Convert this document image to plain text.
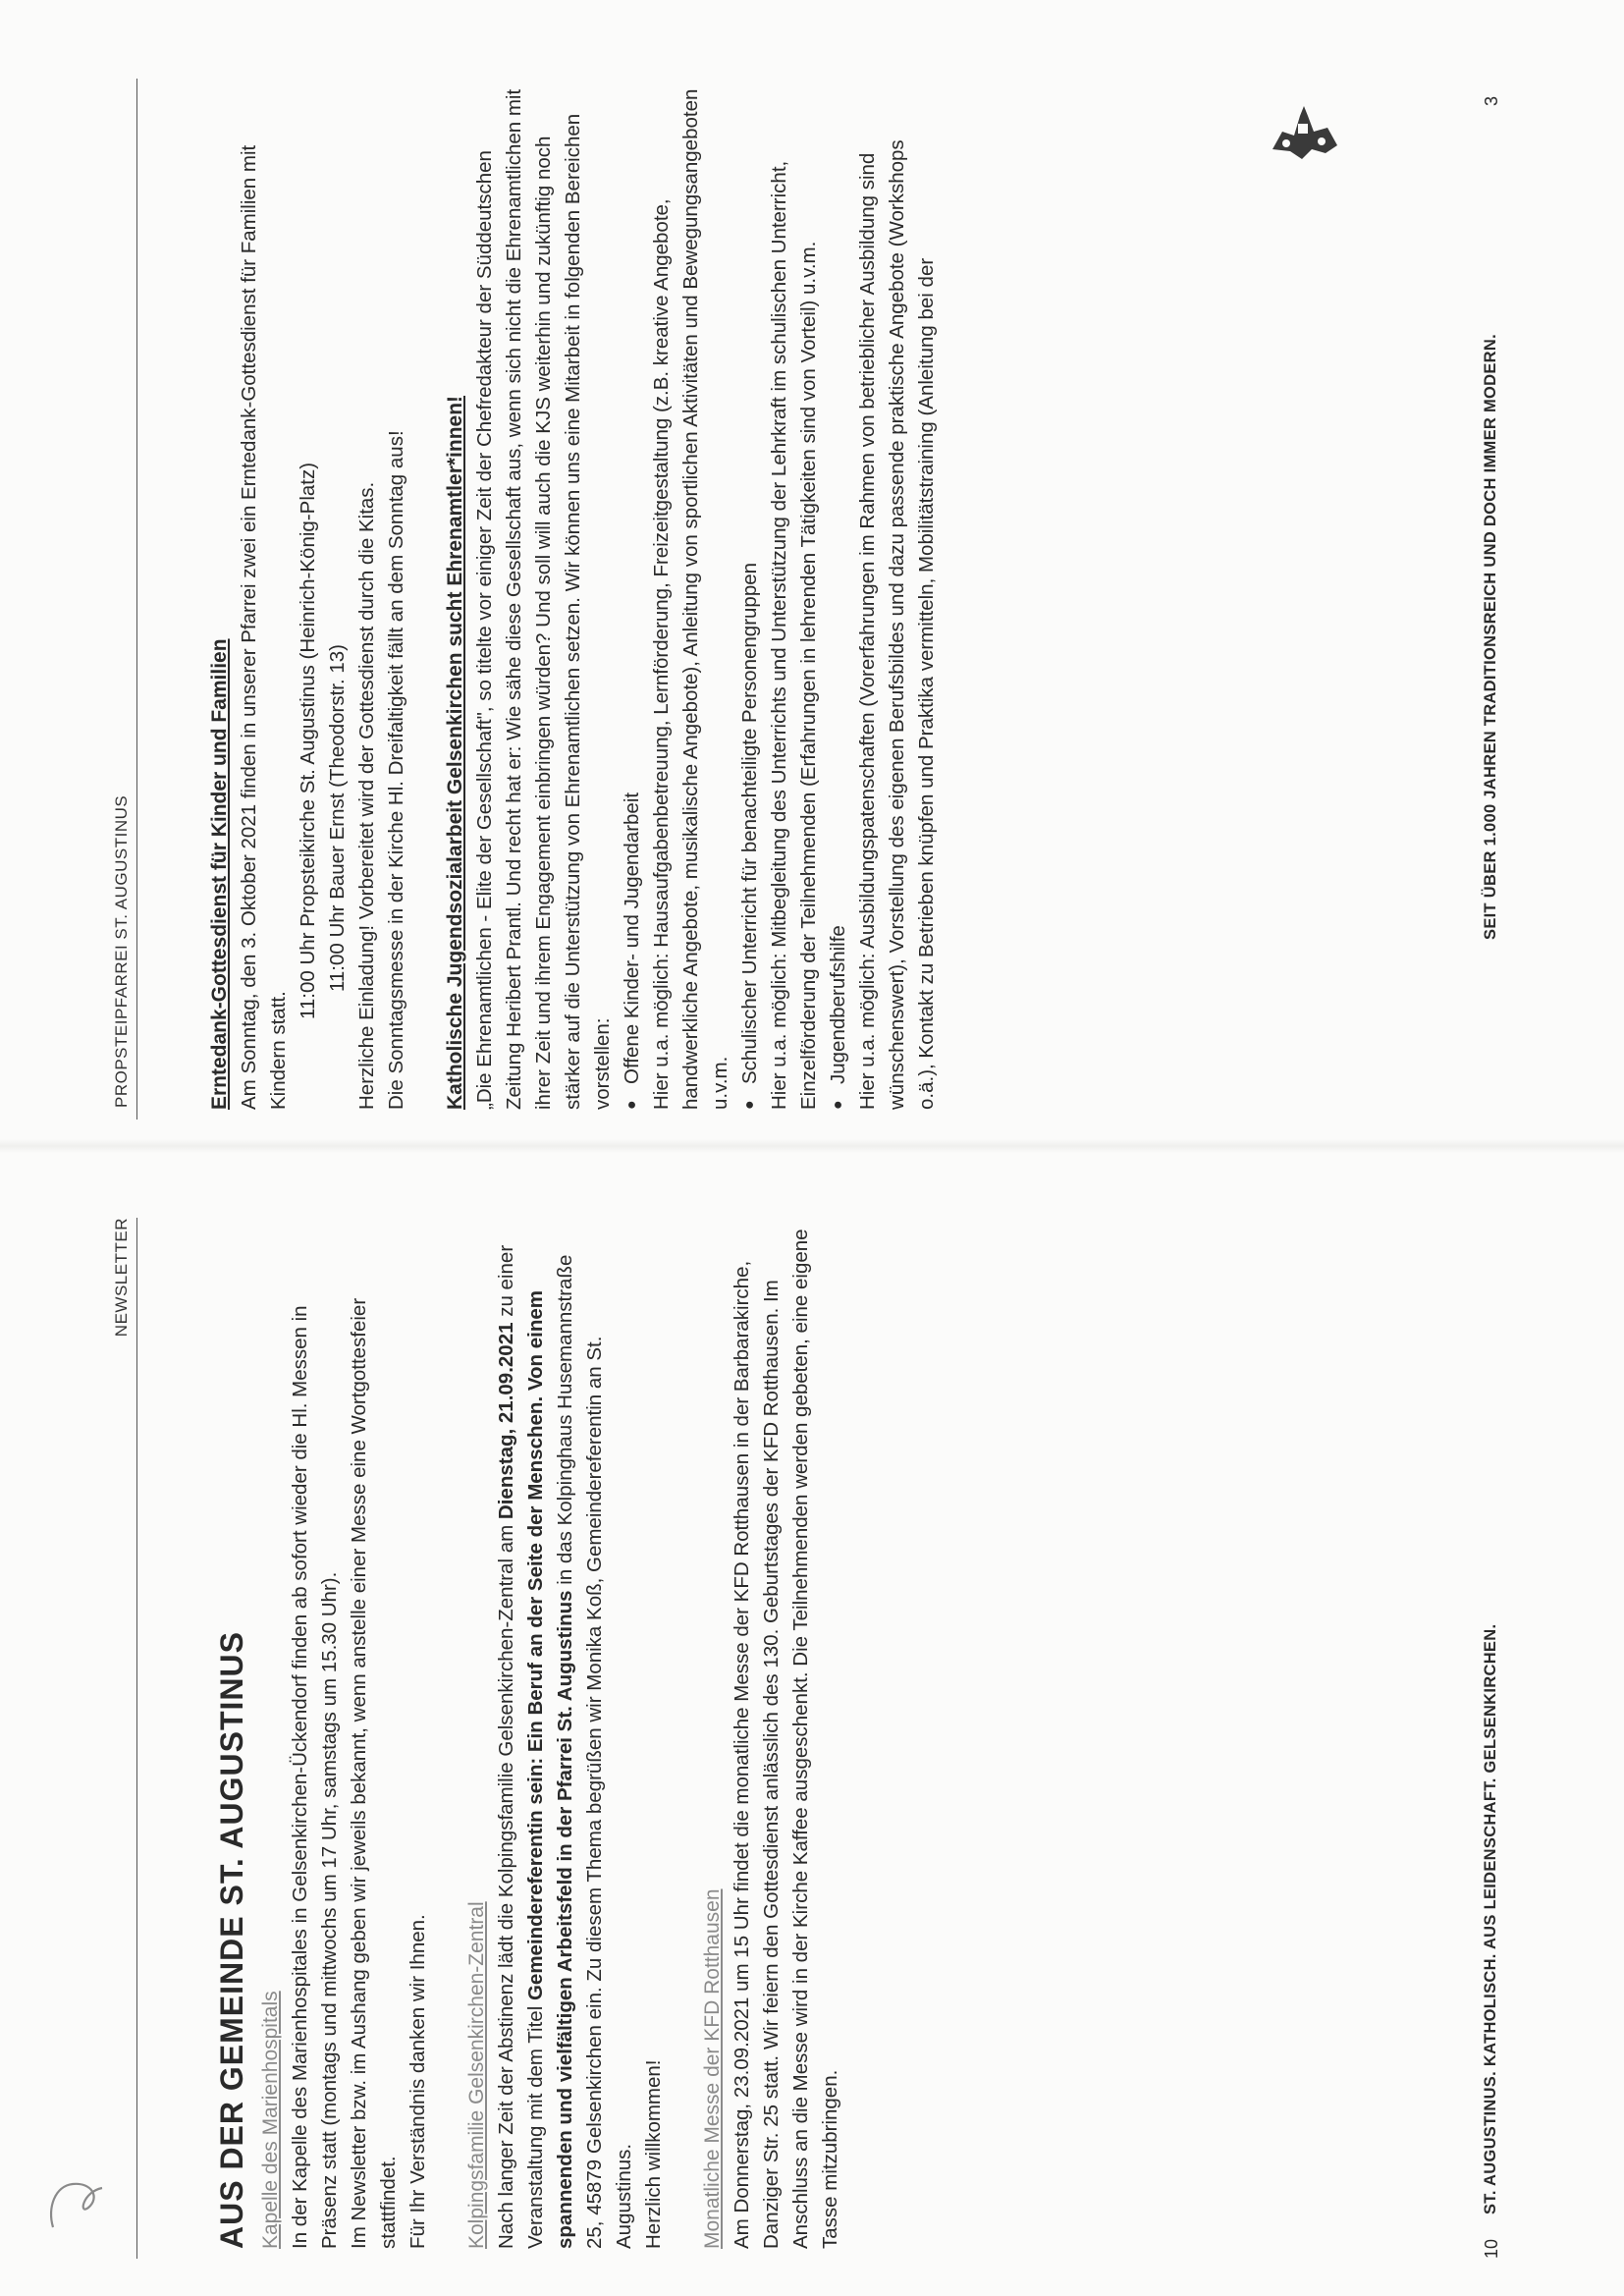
NEWSLETTER
AUS DER GEMEINDE ST. AUGUSTINUS Kapelle des Marienhospitals In der Kapelle des Marienhospitales in Gelsenkirchen-Ückendorf finden ab sofort wieder die Hl. Messen in Präsenz statt (montags und mittwochs um 17 Uhr, samstags um 15.30 Uhr). Im Newsletter bzw. im Aushang geben wir jeweils bekannt, wenn anstelle einer Messe eine Wortgottesfeier stattfindet. Für Ihr Verständnis danken wir Ihnen. Kolpingsfamilie Gelsenkirchen-Zentral Nach langer Zeit der Abstinenz lädt die Kolpingsfamilie Gelsenkirchen-Zentral am Dienstag, 21.09.2021 zu einer Veranstaltung mit dem Titel Gemeindereferentin sein: Ein Beruf an der Seite der Menschen. Von einem spannenden und vielfältigen Arbeitsfeld in der Pfarrei St. Augustinus in das Kolpinghaus Husemannstraße 25, 45879 Gelsenkirchen ein. Zu diesem Thema begrüßen wir Monika Koß, Gemeindereferentin an St. Augustinus. Herzlich willkommen! Monatliche Messe der KFD Rotthausen Am Donnerstag, 23.09.2021 um 15 Uhr findet die monatliche Messe der KFD Rotthausen in der Barbarakirche, Danziger Str. 25 statt. Wir feiern den Gottesdienst anlässlich des 130. Geburtstages der KFD Rotthausen. Im Anschluss an die Messe wird in der Kirche Kaffee ausgeschenkt. Die Teilnehmenden werden gebeten, eine eigene Tasse mitzubringen.	10
ST. AUGUSTINUS. KATHOLISCH. AUS LEIDENSCHAFT. GELSENKIRCHEN.
PROPSTEIPFARREI ST. AUGUSTINUS	Erntedank-Gottesdienst für Kinder und Familien Am Sonntag, den 3. Oktober 2021 finden in unserer Pfarrei zwei ein Erntedank-Gottesdienst für Familien mit Kindern statt.

11:00 Uhr Propsteikirche St. Augustinus (Heinrich-König-Platz) 11:00 Uhr Bauer Ernst (Theodorstr. 13) Herzliche Einladung! Vorbereitet wird der Gottesdienst durch die Kitas. Die Sonntagsmesse in der Kirche Hl. Dreifaltigkeit fällt an dem Sonntag aus! Katholische Jugendsozialarbeit Gelsenkirchen sucht Ehrenamtler*innen! „Die Ehrenamtlichen - Elite der Gesellschaft", so titelte vor einiger Zeit der Chefredakteur der Süddeutschen Zeitung Heribert Prantl. Und recht hat er: Wie sähe diese Gesellschaft aus, wenn sich nicht die Ehrenamtlichen mit ihrer Zeit und ihrem Engagement einbringen würden? Und soll will auch die KJS weiterhin und zukünftig noch stärker auf die Unterstützung von Ehrenamtlichen setzen. Wir können uns eine Mitarbeit in folgenden Bereichen vorstellen: ● Offene Kinder- und Jugendarbeit Hier u.a. möglich: Hausaufgabenbetreuung, Lernförderung, Freizeitgestaltung (z.B. kreative Angebote, handwerkliche Angebote, musikalische Angebote), Anleitung von sportlichen Aktivitäten und Bewegungsangeboten u.v.m. ● Schulischer Unterricht für benachteiligte Personengruppen Hier u.a. möglich: Mitbegleitung des Unterrichts und Unterstützung der Lehrkraft im schulischen Unterricht, Einzelförderung der Teilnehmenden (Erfahrungen in lehrenden Tätigkeiten sind von Vorteil) u.v.m. ● Jugendberufshilfe Hier u.a. möglich: Ausbildungspatenschaften (Vorerfahrungen im Rahmen von betrieblicher Ausbildung sind wünschenswert), Vorstellung des eigenen Berufsbildes und dazu passende praktische Angebote (Workshops o.ä.), Kontakt zu Betrieben knüpfen und Praktika vermitteln, Mobilitätstraining (Anleitung bei der	SEIT ÜBER 1.000 JAHREN TRADITIONSREICH UND DOCH IMMER MODERN.
3
